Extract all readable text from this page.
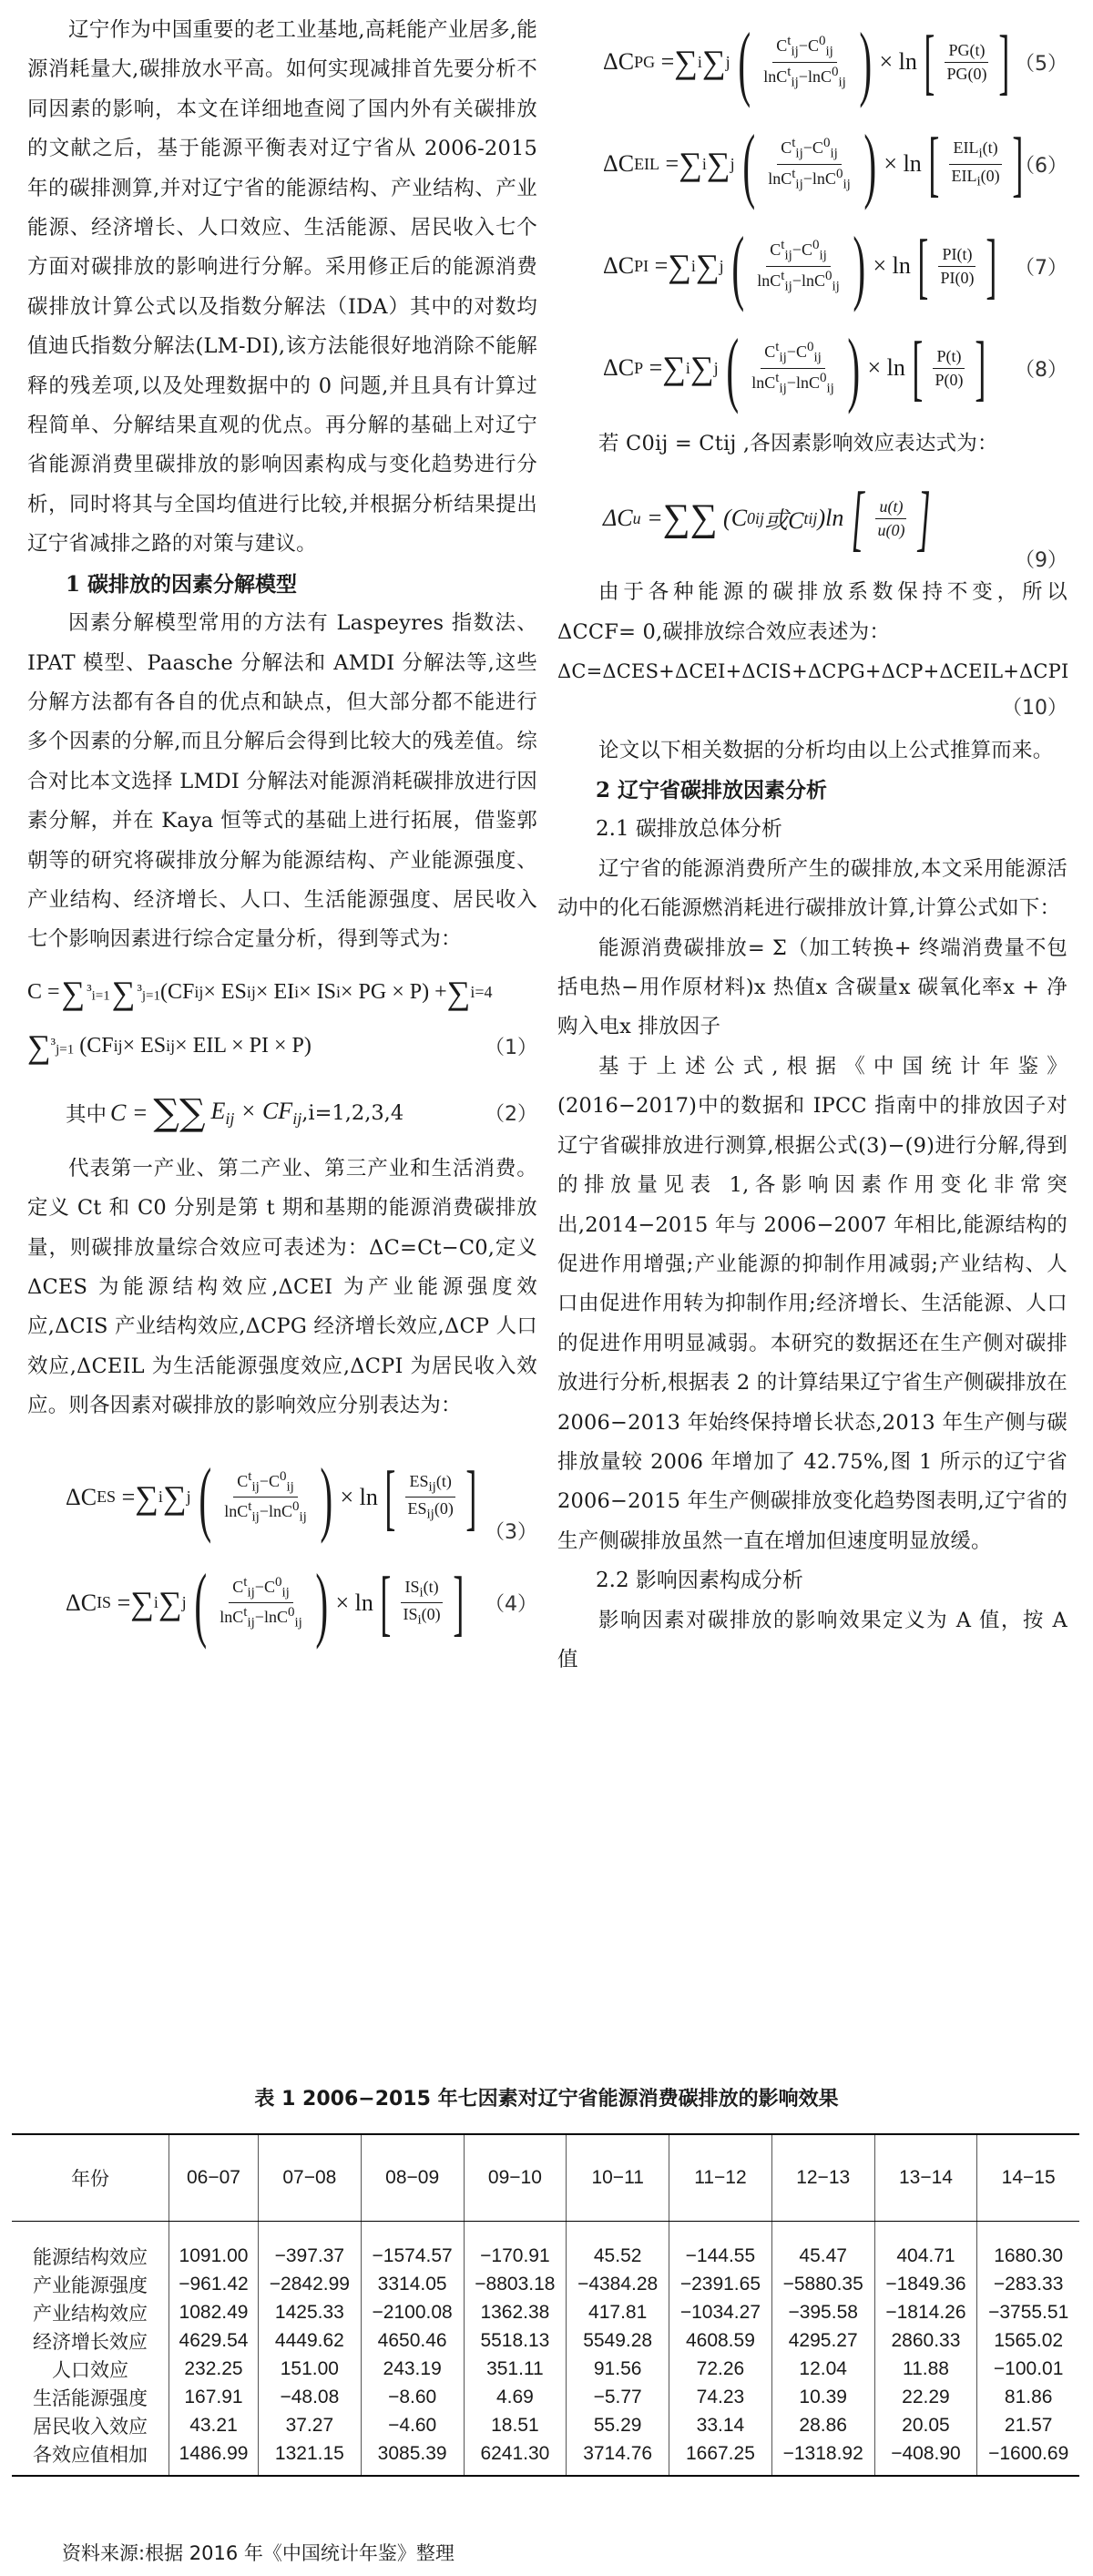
辽宁作为中国重要的老工业基地,高耗能产业居多,能源消耗量大,碳排放水平高。如何实现减排首先要分析不同因素的影响，本文在详细地查阅了国内外有关碳排放的文献之后，基于能源平衡表对辽宁省从 2006-2015 年的碳排测算,并对辽宁省的能源结构、产业结构、产业能源、经济增长、人口效应、生活能源、居民收入七个方面对碳排放的影响进行分解。采用修正后的能源消费碳排放计算公式以及指数分解法（IDA）其中的对数均值迪氏指数分解法(LM-DI),该方法能很好地消除不能解释的残差项,以及处理数据中的 0 问题,并且具有计算过程简单、分解结果直观的优点。再分解的基础上对辽宁省能源消费里碳排放的影响因素构成与变化趋势进行分析，同时将其与全国均值进行比较,并根据分析结果提出辽宁省减排之路的对策与建议。

1 碳排放的因素分解模型

因素分解模型常用的方法有 Laspeyres 指数法、IPAT 模型、Paasche 分解法和 AMDI 分解法等,这些分解方法都有各自的优点和缺点，但大部分都不能进行多个因素的分解,而且分解后会得到比较大的残差值。综合对比本文选择 LMDI 分解法对能源消耗碳排放进行因素分解，并在 Kaya 恒等式的基础上进行拓展，借鉴郭朝等的研究将碳排放分解为能源结构、产业能源强度、产业结构、经济增长、人口、生活能源强度、居民收入七个影响因素进行综合定量分析，得到等式为：

C = ∑ $^3_{i=1}$ ∑ $^3_{j=1}$ (CF ij × ES ij × EI i × IS i × PG × P) + ∑ i=4
∑ $^3_{j=1}$ (CF ij × ES ij × EIL × PI × P)	（1）
其中 C = ∑∑ $E_{ij} \times CF_{ij}$ ,i=1,2,3,4	（2）

代表第一产业、第二产业、第三产业和生活消费。定义 Ct 和 C0 分别是第 t 期和基期的能源消费碳排放量，则碳排放量综合效应可表述为：ΔC=Ct−C0,定义 ΔCES 为能源结构效应,ΔCEI 为产业能源强度效应,ΔCIS 产业结构效应,ΔCPG 经济增长效应,ΔCP 人口效应,ΔCEIL 为生活能源强度效应,ΔCPI 为居民收入效应。则各因素对碳排放的影响效应分别表达为：

ΔC ES = ∑ i ∑ j ( $\frac{C^t_{ij}-C^0_{ij}}{\ln C^t_{ij}-\ln C^0_{ij}}$ ) × ln [ $\frac{ES_{ij}(t)}{ES_{ij}(0)}$ ] （3）
ΔC IS = ∑ i ∑ j ( $\frac{C^t_{ij}-C^0_{ij}}{\ln C^t_{ij}-\ln C^0_{ij}}$ ) × ln [ $\frac{IS_i(t)}{IS_i(0)}$ ] （4）
ΔC PG = ∑ i ∑ j ( $\frac{C^t_{ij}-C^0_{ij}}{\ln C^t_{ij}-\ln C^0_{ij}}$ ) × ln [ $\frac{PG(t)}{PG(0)}$ ] （5）
ΔC EIL = ∑ i ∑ j ( $\frac{C^t_{ij}-C^0_{ij}}{\ln C^t_{ij}-\ln C^0_{ij}}$ ) × ln [ $\frac{EIL_i(t)}{EIL_i(0)}$ ]
（6）
ΔC PI = ∑ i ∑ j ( $\frac{C^t_{ij}-C^0_{ij}}{\ln C^t_{ij}-\ln C^0_{ij}}$ ) × ln [ $\frac{PI(t)}{PI(0)}$ ] （7）
ΔC P = ∑ i ∑ j ( $\frac{C^t_{ij}-C^0_{ij}}{\ln C^t_{ij}-\ln C^0_{ij}}$ ) × ln [ $\frac{P(t)}{P(0)}$ ] （8）

若 C0ij = Ctij ,各因素影响效应表达式为：

ΔC u = ∑∑ (C 0 ij 或C t ij )ln [ $\frac{u(t)}{u(0)}$ ]
（9）

由于各种能源的碳排放系数保持不变，所以 ΔCCF= 0,碳排放综合效应表述为：

ΔC=ΔCES+ΔCEI+ΔCIS+ΔCPG+ΔCP+ΔCEIL+ΔCPI

（10）

论文以下相关数据的分析均由以上公式推算而来。

2 辽宁省碳排放因素分析

2.1 碳排放总体分析

辽宁省的能源消费所产生的碳排放,本文采用能源活动中的化石能源燃消耗进行碳排放计算,计算公式如下：

能源消费碳排放= Σ（加工转换+ 终端消费量不包括电热−用作原材料)x 热值x 含碳量x 碳氧化率x + 净购入电x 排放因子

基于上述公式,根据《中国统计年鉴》(2016−2017)中的数据和 IPCC 指南中的排放因子对辽宁省碳排放进行测算,根据公式(3)−(9)进行分解,得到的排放量见表 1,各影响因素作用变化非常突出,2014−2015 年与 2006−2007 年相比,能源结构的促进作用增强;产业能源的抑制作用减弱;产业结构、人口由促进作用转为抑制作用;经济增长、生活能源、人口的促进作用明显减弱。本研究的数据还在生产侧对碳排放进行分析,根据表 2 的计算结果辽宁省生产侧碳排放在 2006−2013 年始终保持增长状态,2013 年生产侧与碳排放量较 2006 年增加了 42.75%,图 1 所示的辽宁省 2006−2015 年生产侧碳排放变化趋势图表明,辽宁省的生产侧碳排放虽然一直在增加但速度明显放缓。

2.2 影响因素构成分析

影响因素对碳排放的影响效果定义为 A 值，按 A 值

表 1 2006−2015 年七因素对辽宁省能源消费碳排放的影响效果
年份	06−07	07−08	08−09	09−10	10−11	11−12	12−13	13−14	14−15
能源结构效应	1091.00	−397.37	−1574.57	−170.91	45.52	−144.55	45.47	404.71	1680.30
产业能源强度	−961.42	−2842.99	3314.05	−8803.18	−4384.28	−2391.65	−5880.35	−1849.36	−283.33
产业结构效应	1082.49	1425.33	−2100.08	1362.38	417.81	−1034.27	−395.58	−1814.26	−3755.51
经济增长效应	4629.54	4449.62	4650.46	5518.13	5549.28	4608.59	4295.27	2860.33	1565.02
人口效应	232.25	151.00	243.19	351.11	91.56	72.26	12.04	11.88	−100.01
生活能源强度	167.91	−48.08	−8.60	4.69	−5.77	74.23	10.39	22.29	81.86
居民收入效应	43.21	37.27	−4.60	18.51	55.29	33.14	28.86	20.05	21.57
各效应值相加	1486.99	1321.15	3085.39	6241.30	3714.76	1667.25	−1318.92	−408.90	−1600.69
资料来源:根据 2016 年《中国统计年鉴》整理
